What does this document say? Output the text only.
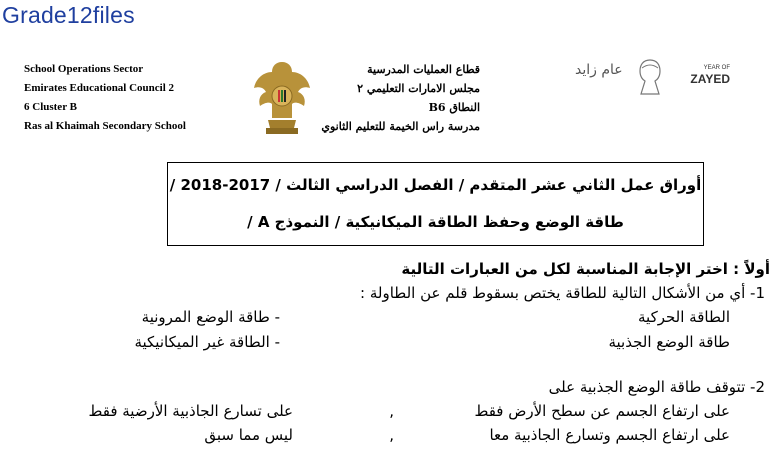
Grade12files
School Operations Sector
Emirates Educational Council 2
6 Cluster B
Ras al Khaimah Secondary School
قطاع العمليات المدرسية
مجلس الامارات التعليمي ٢
النطاق B6
مدرسة راس الخيمة للتعليم الثانوي
عام زايد	YEAR OF
ZAYED
أوراق عمل الثاني عشر المتقدم / الفصل الدراسي الثالث / 2017-2018 /
طاقة الوضع وحفظ الطاقة الميكانيكية / النموذج A /
أولاً : اختر الإجابة المناسبة لكل من العبارات التالية
1- أي من الأشكال التالية للطاقة يختص بسقوط قلم عن الطاولة :
الطاقة الحركية
- طاقة الوضع المرونية
طاقة الوضع الجذبية
- الطاقة غير الميكانيكية
2- تتوقف طاقة الوضع الجذبية على
على ارتفاع الجسم عن سطح الأرض فقط
,
على تسارع الجاذبية الأرضية فقط
على ارتفاع الجسم وتسارع الجاذبية معا
,
ليس مما سبق
